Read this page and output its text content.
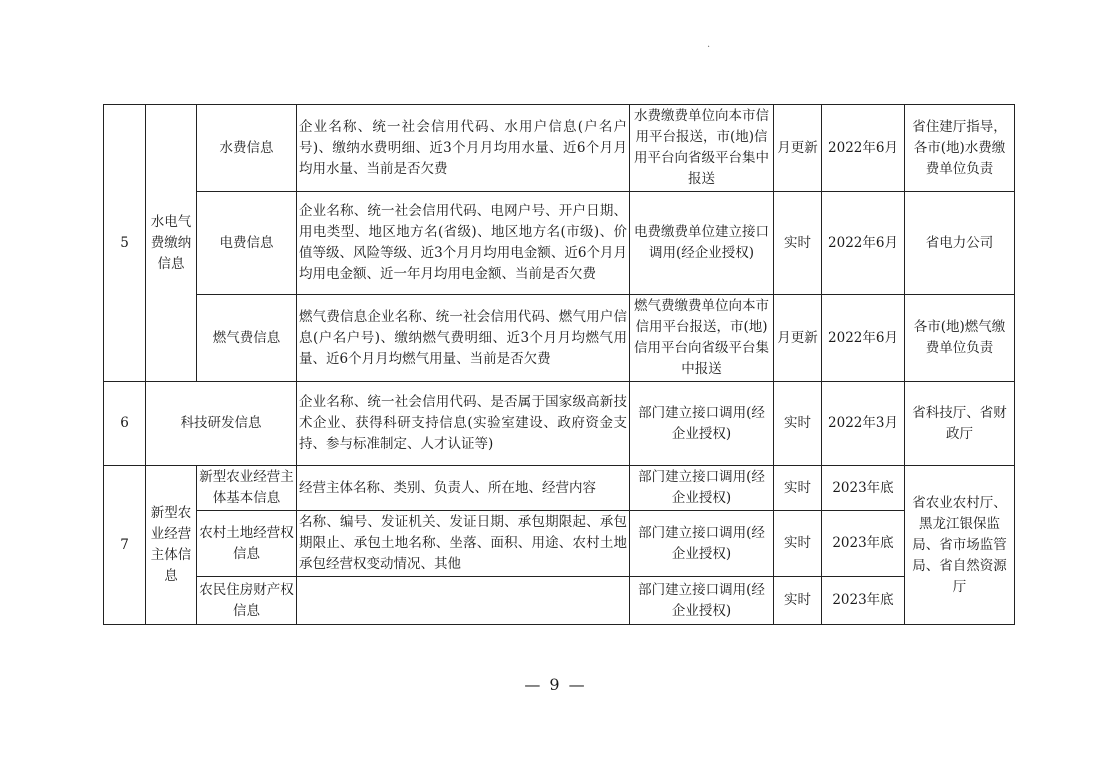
·
5	水电气费缴纳信息	水费信息	企业名称、统一社会信用代码、水用户信息(户名户号)、缴纳水费明细、近3个月月均用水量、近6个月月均用水量、当前是否欠费	水费缴费单位向本市信用平台报送，市(地)信用平台向省级平台集中报送	月更新	2022年6月	省住建厅指导，各市(地)水费缴费单位负责
		电费信息	企业名称、统一社会信用代码、电网户号、开户日期、用电类型、地区地方名(省级)、地区地方名(市级)、价值等级、风险等级、近3个月月均用电金额、近6个月月均用电金额、近一年月均用电金额、当前是否欠费	电费缴费单位建立接口调用(经企业授权)	实时	2022年6月	省电力公司
		燃气费信息	燃气费信息企业名称、统一社会信用代码、燃气用户信息(户名户号)、缴纳燃气费明细、近3个月月均燃气用量、近6个月月均燃气用量、当前是否欠费	燃气费缴费单位向本市信用平台报送，市(地)信用平台向省级平台集中报送	月更新	2022年6月	各市(地)燃气缴费单位负责
6	科技研发信息		企业名称、统一社会信用代码、是否属于国家级高新技术企业、获得科研支持信息(实验室建设、政府资金支持、参与标准制定、人才认证等)	部门建立接口调用(经企业授权)	实时	2022年3月	省科技厅、省财政厅
7	新型农业经营主体信息	新型农业经营主体基本信息	经营主体名称、类别、负责人、所在地、经营内容	部门建立接口调用(经企业授权)	实时	2023年底	省农业农村厅、黑龙江银保监局、省市场监管局、省自然资源厅
		农村土地经营权信息	名称、编号、发证机关、发证日期、承包期限起、承包期限止、承包土地名称、坐落、面积、用途、农村土地承包经营权变动情况、其他	部门建立接口调用(经企业授权)	实时	2023年底	
		农民住房财产权信息		部门建立接口调用(经企业授权)	实时	2023年底	
— 9 —
